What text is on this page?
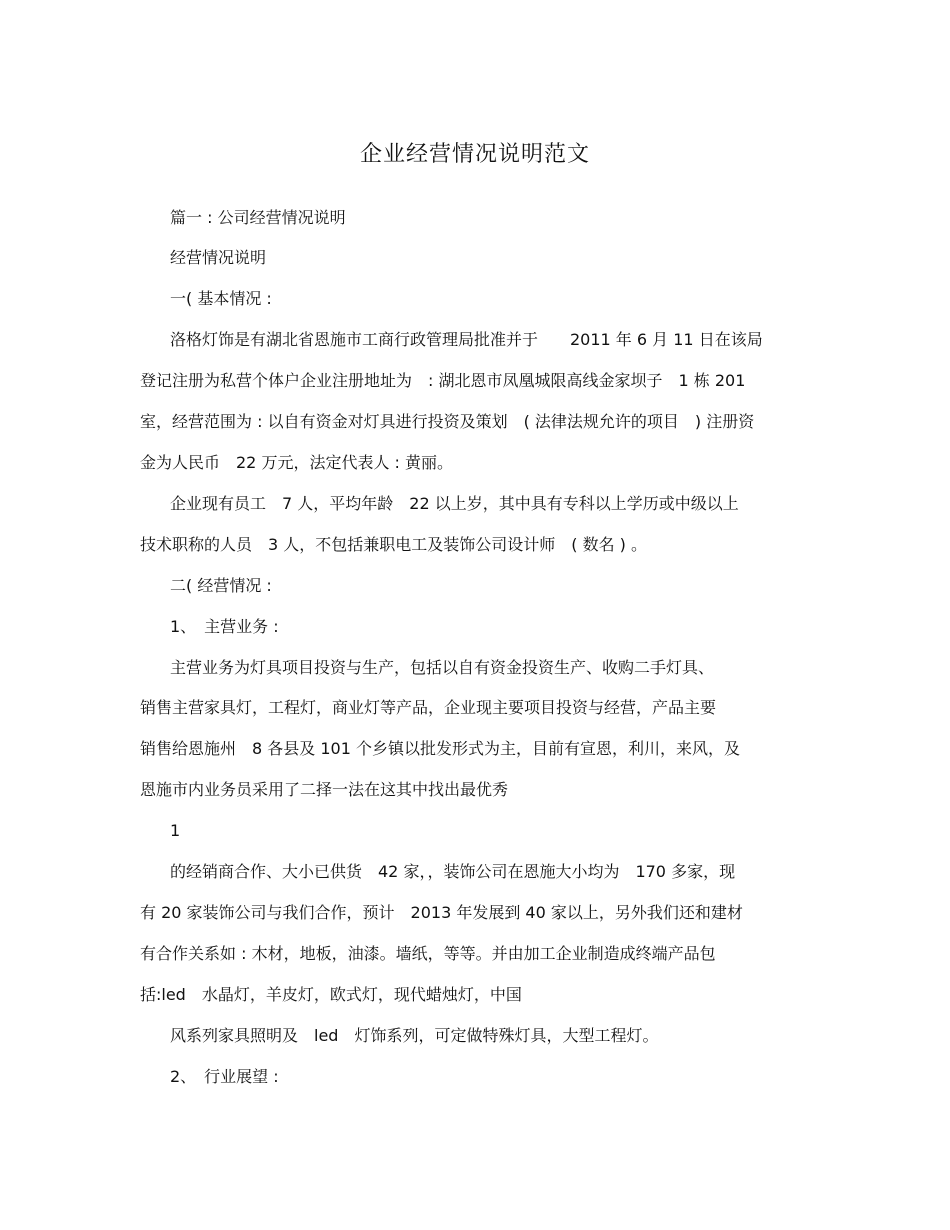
企业经营情况说明范文
篇一 : 公司经营情况说明
经营情况说明
一( 基本情况 :
洛格灯饰是有湖北省恩施市工商行政管理局批准并于　　2011 年 6 月 11 日在该局
登记注册为私营个体户企业注册地址为　: 湖北恩市凤凰城限高线金家坝子　1 栋 201
室，经营范围为 : 以自有资金对灯具进行投资及策划　( 法律法规允许的项目　) 注册资
金为人民币　22 万元，法定代表人 : 黄丽。
企业现有员工　7 人，平均年龄　22 以上岁，其中具有专科以上学历或中级以上
技术职称的人员　3 人，不包括兼职电工及装饰公司设计师　( 数名 ) 。
二( 经营情况 :
1、　主营业务 :
主营业务为灯具项目投资与生产，包括以自有资金投资生产、收购二手灯具、
销售主营家具灯，工程灯，商业灯等产品，企业现主要项目投资与经营，产品主要
销售给恩施州　8 各县及 101 个乡镇以批发形式为主，目前有宣恩，利川，来风，及
恩施市内业务员采用了二择一法在这其中找出最优秀
1
的经销商合作、大小已供货　42 家，，装饰公司在恩施大小均为　170 多家，现
有 20 家装饰公司与我们合作，预计　2013 年发展到 40 家以上，另外我们还和建材
有合作关系如 : 木材，地板，油漆。墙纸，等等。并由加工企业制造成终端产品包
括:led　水晶灯，羊皮灯，欧式灯，现代蜡烛灯，中国
风系列家具照明及　led　灯饰系列，可定做特殊灯具，大型工程灯。
2、　行业展望 :
